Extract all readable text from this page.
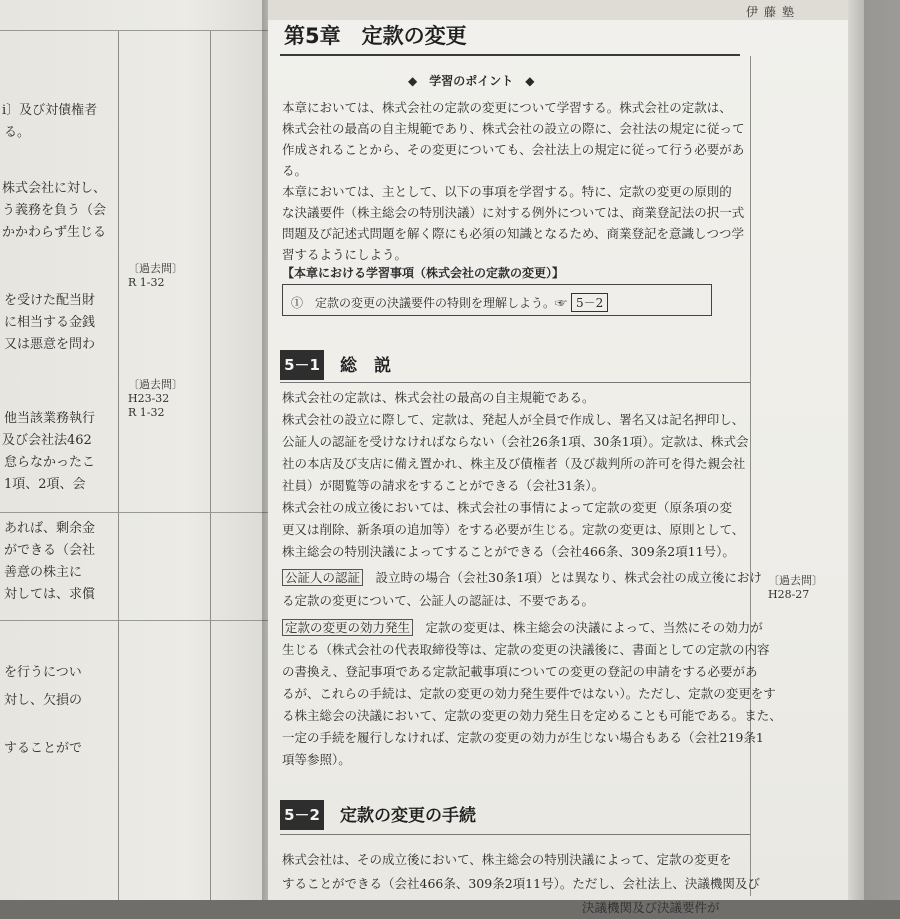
i〕及び対債権者
る。
株式会社に対し、
う義務を負う（会
かかわらず生じる
を受けた配当財
に相当する金銭
又は悪意を問わ
他当該業務執行
及び会社法462
怠らなかったこ
1項、2項、会
あれば、剰余金
ができる（会社
善意の株主に
対しては、求償
を行うについ
対し、欠損の
することがで
〔過去問〕
R 1-32
〔過去問〕
H23-32
R 1-32
伊藤塾
第5章　定款の変更
◆　学習のポイント　◆
本章においては、株式会社の定款の変更について学習する。株式会社の定款は、
株式会社の最高の自主規範であり、株式会社の設立の際に、会社法の規定に従って
作成されることから、その変更についても、会社法上の規定に従って行う必要があ
る。
本章においては、主として、以下の事項を学習する。特に、定款の変更の原則的
な決議要件（株主総会の特別決議）に対する例外については、商業登記法の択一式
問題及び記述式問題を解く際にも必須の知識となるため、商業登記を意識しつつ学
習するようにしよう。
【本章における学習事項（株式会社の定款の変更）】
①　定款の変更の決議要件の特則を理解しよう。☞ 5－2
5－1 総　説
株式会社の定款は、株式会社の最高の自主規範である。
株式会社の設立に際して、定款は、発起人が全員で作成し、署名又は記名押印し、
公証人の認証を受けなければならない（会社26条1項、30条1項）。定款は、株式会
社の本店及び支店に備え置かれ、株主及び債権者（及び裁判所の許可を得た親会社
社員）が閲覧等の請求をすることができる（会社31条）。
株式会社の成立後においては、株式会社の事情によって定款の変更（原条項の変
更又は削除、新条項の追加等）をする必要が生じる。定款の変更は、原則として、
株主総会の特別決議によってすることができる（会社466条、309条2項11号）。
公証人の認証　設立時の場合（会社30条1項）とは異なり、株式会社の成立後におけ
る定款の変更について、公証人の認証は、不要である。
定款の変更の効力発生　定款の変更は、株主総会の決議によって、当然にその効力が
生じる（株式会社の代表取締役等は、定款の変更の決議後に、書面としての定款の内容
の書換え、登記事項である定款記載事項についての変更の登記の申請をする必要があ
るが、これらの手続は、定款の変更の効力発生要件ではない）。ただし、定款の変更をす
る株主総会の決議において、定款の変更の効力発生日を定めることも可能である。また、
一定の手続を履行しなければ、定款の変更の効力が生じない場合もある（会社219条1
項等参照）。
〔過去問〕
H28-27
5－2 定款の変更の手続
株式会社は、その成立後において、株主総会の特別決議によって、定款の変更を
することができる（会社466条、309条2項11号）。ただし、会社法上、決議機関及び
　　　　　　　　　　　　　　　　　　　　　　　　決議機関及び決議要件が
